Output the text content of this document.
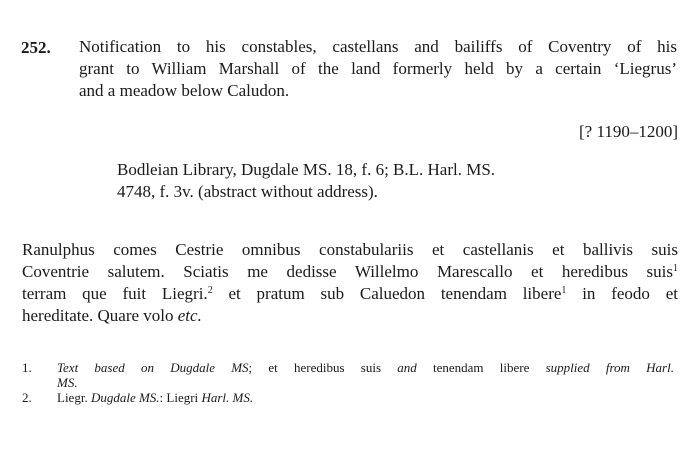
252. Notification to his constables, castellans and bailiffs of Coventry of his
grant to William Marshall of the land formerly held by a certain ‘Liegrus’
and a meadow below Caludon.
[? 1190–1200]
Bodleian Library, Dugdale MS. 18, f. 6; B.L. Harl. MS.
4748, f. 3v. (abstract without address).
Ranulphus comes Cestrie omnibus constabulariis et castellanis et ballivis suis
Coventrie salutem. Sciatis me dedisse Willelmo Marescallo et heredibus suis$^1$
terram que fuit Liegri.$^2$ et pratum sub Caluedon tenendam libere$^1$ in feodo et
hereditate. Quare volo etc.
1. Text based on Dugdale MS; et heredibus suis and tenendam libere supplied from Harl.
MS.
2. Liegr. Dugdale MS.: Liegri Harl. MS.
